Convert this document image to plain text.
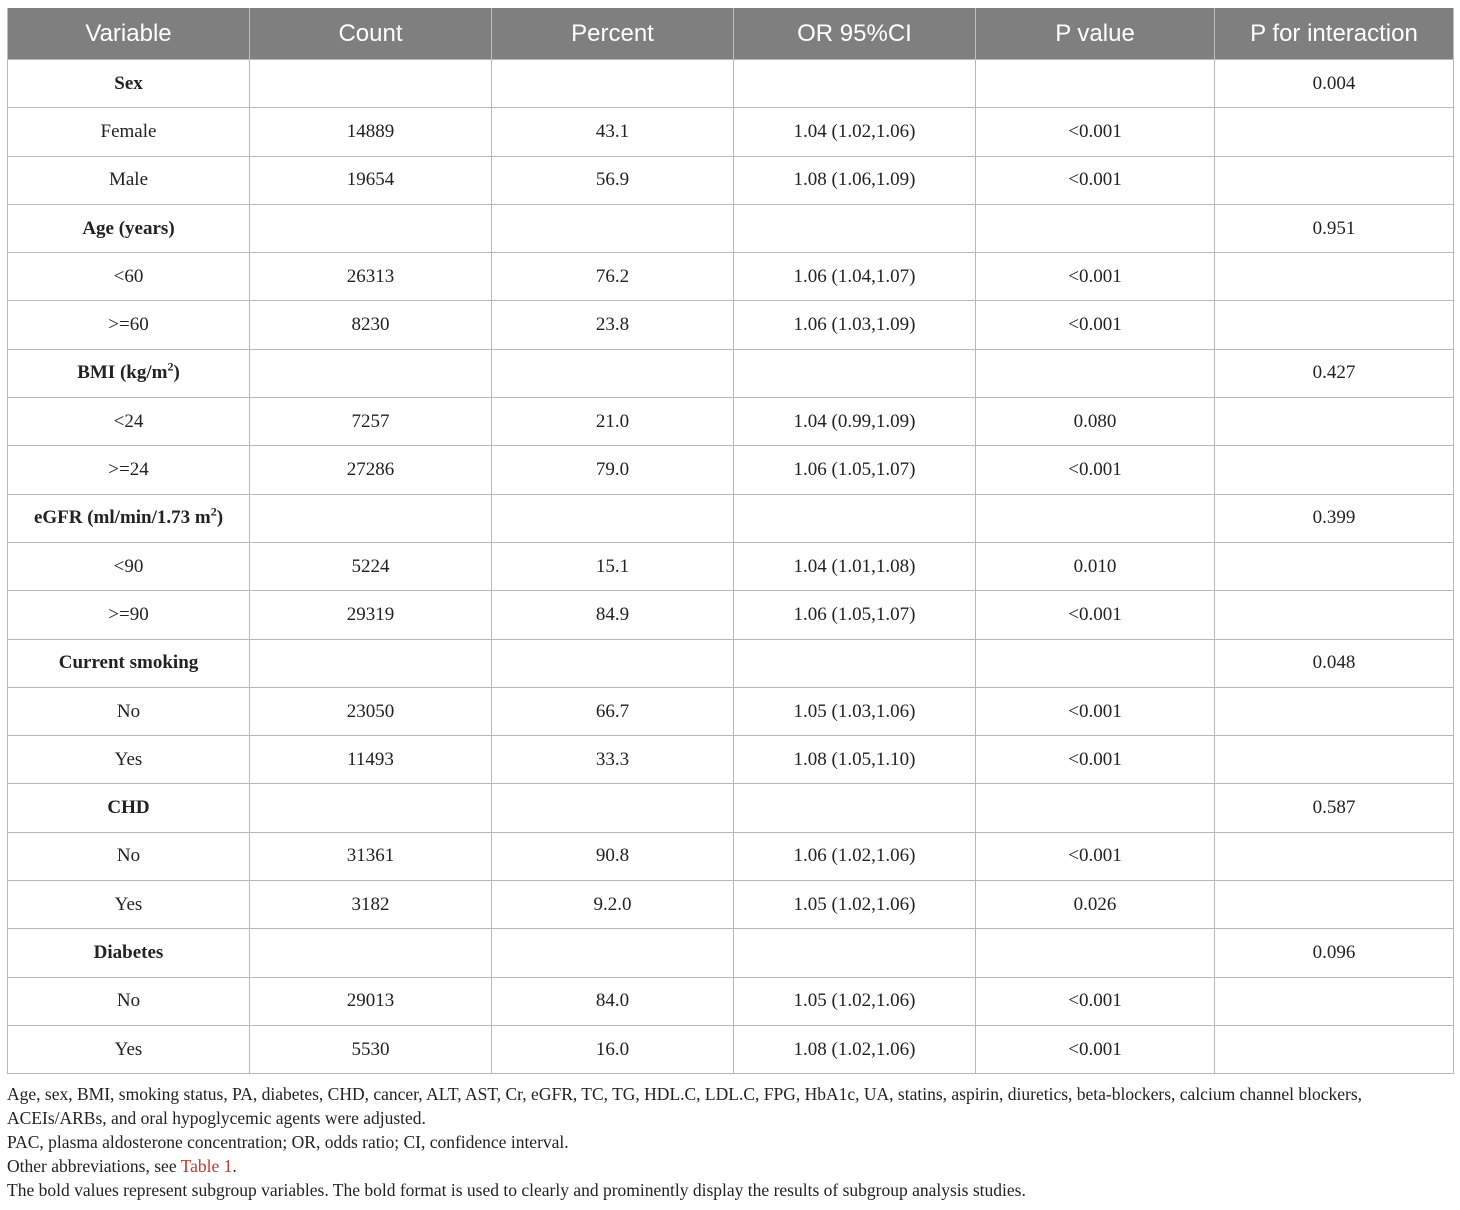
Variable	Count	Percent	OR 95%CI	P value	P for interaction
Sex					0.004
Female	14889	43.1	1.04 (1.02,1.06)	<0.001	
Male	19654	56.9	1.08 (1.06,1.09)	<0.001	
Age (years)					0.951
<60	26313	76.2	1.06 (1.04,1.07)	<0.001	
>=60	8230	23.8	1.06 (1.03,1.09)	<0.001	
BMI $(kg/m^2)$					0.427
<24	7257	21.0	1.04 (0.99,1.09)	0.080	
>=24	27286	79.0	1.06 (1.05,1.07)	<0.001	
eGFR (ml/min/1.73 $m^2$)					0.399
<90	5224	15.1	1.04 (1.01,1.08)	0.010	
>=90	29319	84.9	1.06 (1.05,1.07)	<0.001	
Current smoking					0.048
No	23050	66.7	1.05 (1.03,1.06)	<0.001	
Yes	11493	33.3	1.08 (1.05,1.10)	<0.001	
CHD					0.587
No	31361	90.8	1.06 (1.02,1.06)	<0.001	
Yes	3182	9.2.0	1.05 (1.02,1.06)	0.026	
Diabetes					0.096
No	29013	84.0	1.05 (1.02,1.06)	<0.001	
Yes	5530	16.0	1.08 (1.02,1.06)	<0.001	

Age, sex, BMI, smoking status, PA, diabetes, CHD, cancer, ALT, AST, Cr, eGFR, TC, TG, HDL.C, LDL.C, FPG, HbA1c, UA, statins, aspirin, diuretics, beta-blockers, calcium channel blockers, ACEIs/ARBs, and oral hypoglycemic agents were adjusted.

PAC, plasma aldosterone concentration; OR, odds ratio; CI, confidence interval.

Other abbreviations, see Table 1.

The bold values represent subgroup variables. The bold format is used to clearly and prominently display the results of subgroup analysis studies.
